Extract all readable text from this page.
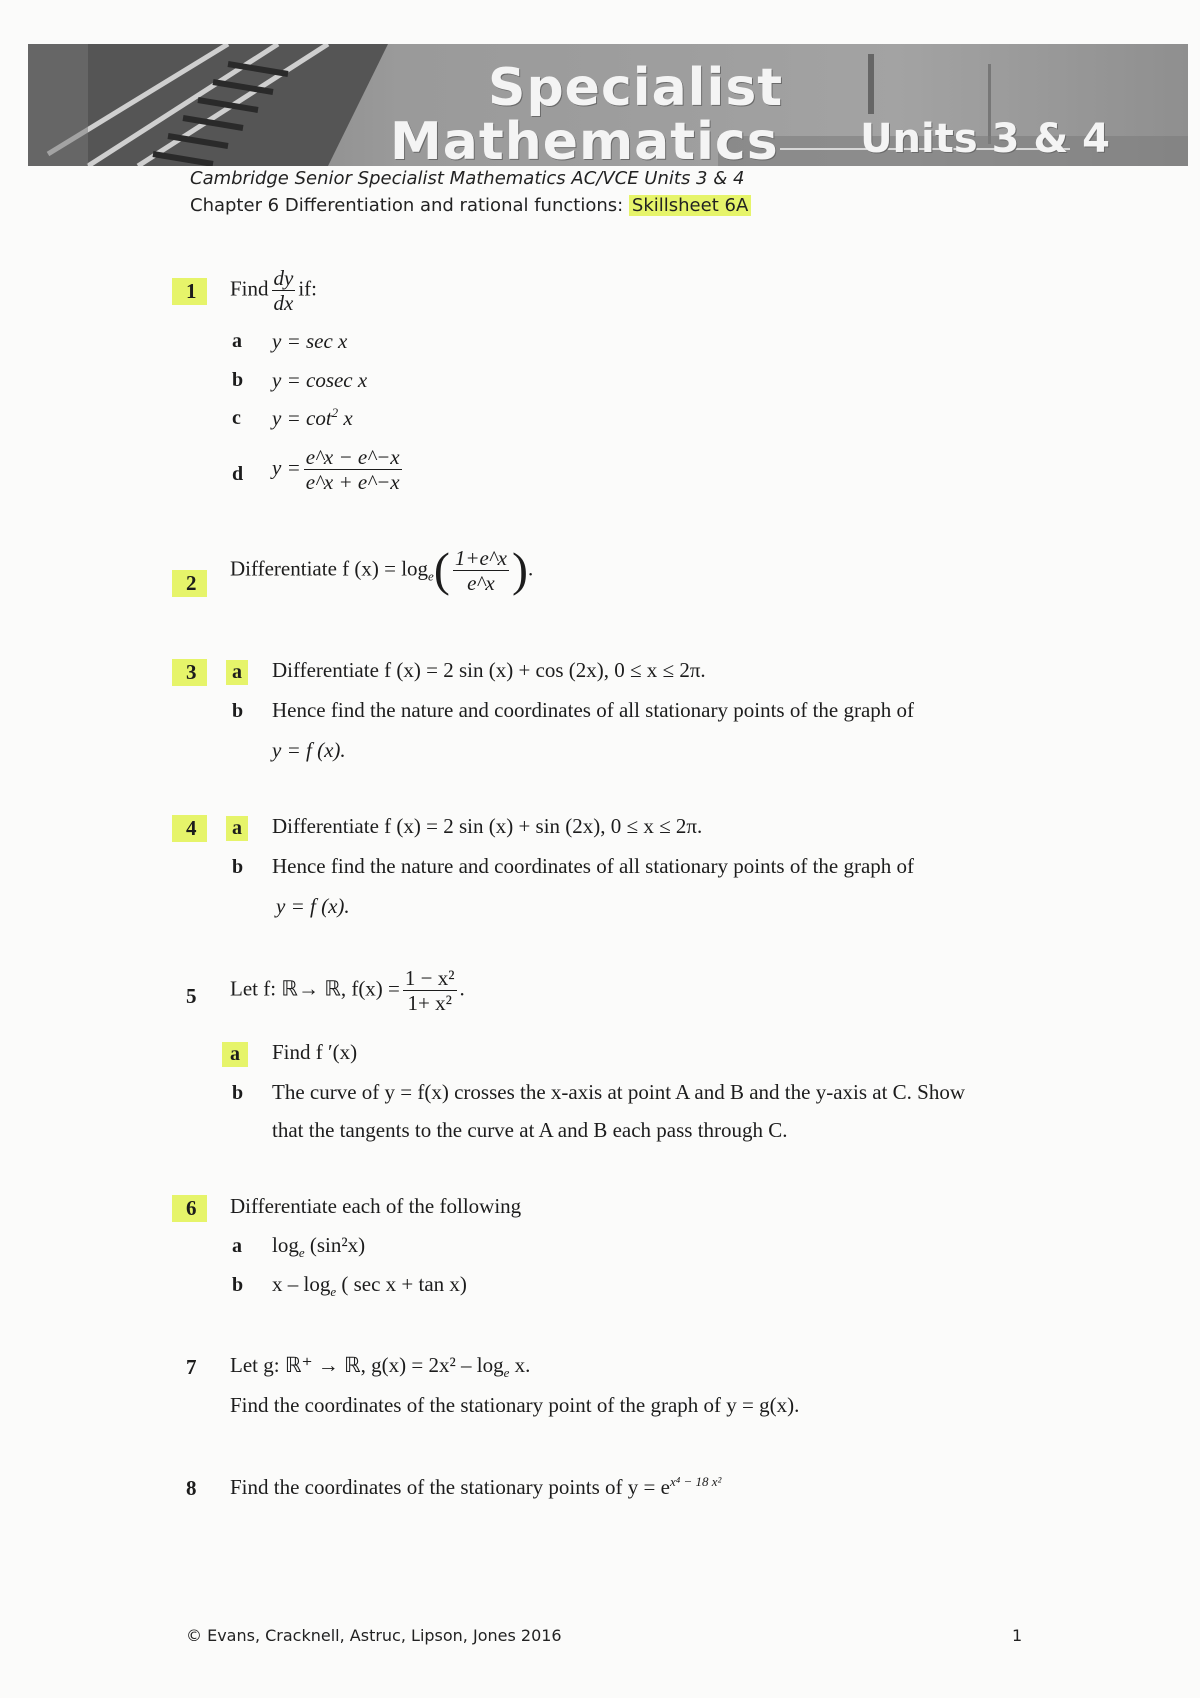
Specialist
Mathematics Units 3 & 4
Cambridge Senior Specialist Mathematics AC/VCE Units 3 & 4
Chapter 6 Differentiation and rational functions: Skillsheet 6A
1	Find $\frac{dy}{dx}$ if:
a y = sec x
b y = cosec x
c $y = \cot^2 x$
d $y = \frac{e\^{}x - e\^{}-x}{e\^{}x + e\^{}-x}$
2
Differentiate f $(x) = \log_e( \frac{1+e\^{}x}{e\^{}x}$ ).
3	a Differentiate f (x) = 2 sin (x) + cos (2x), 0 ≤ x ≤ 2π.
b Hence find the nature and coordinates of all stationary points of the graph of
y = f (x).
4	a Differentiate f (x) = 2 sin (x) + sin (2x), 0 ≤ x ≤ 2π.
b Hence find the nature and coordinates of all stationary points of the graph of
y = f (x).
5 Let f: ℝ→ ℝ, $f(x) = \frac{\text{1 − x²}}{\text{1+ x²}}$ .
a	Find f ′(x)
b The curve of y = f(x) crosses the x-axis at point A and B and the y-axis at C. Show
that the tangents to the curve at A and B each pass through C.
6	Differentiate each of the following
a $\log_e (\sin^2x)$
b x – $\log_e$ ( sec x + tan x)
7 Let g: ℝ⁺ → ℝ, $g(x) = 2x^2 - \log_e x$.
Find the coordinates of the stationary point of the graph of y = g(x).
8 Find the coordinates of the stationary points of $y = e^{x^4 - 18 x^2}$
© Evans, Cracknell, Astruc, Lipson, Jones 2016	1
